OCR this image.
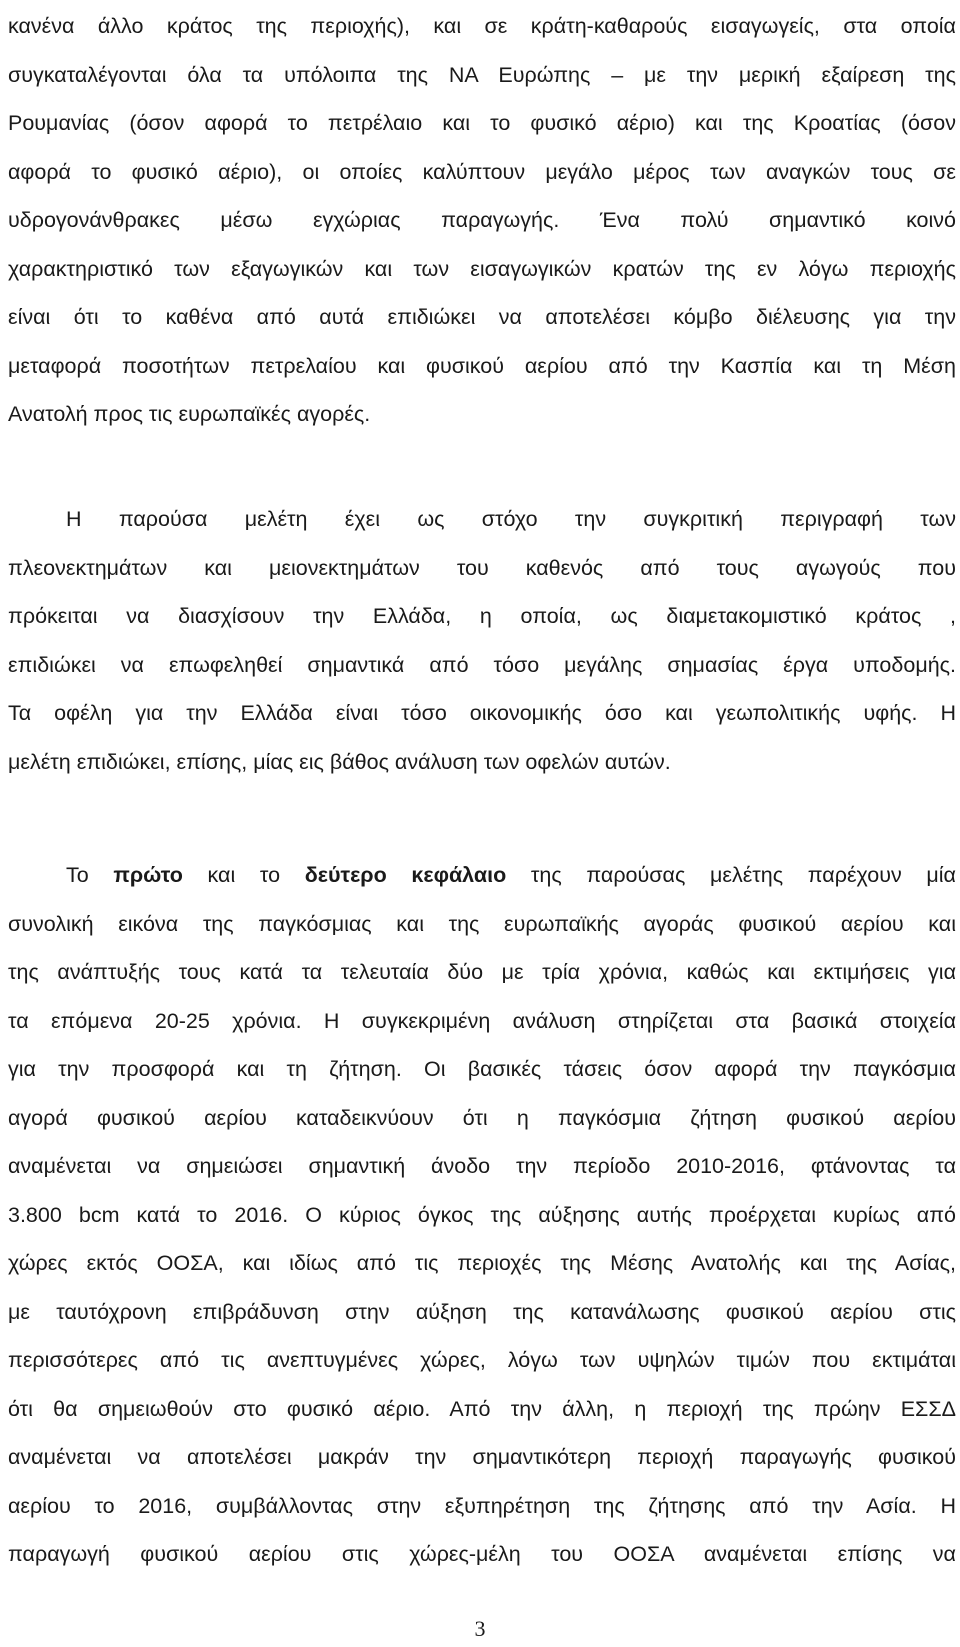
κανένα άλλο κράτος της περιοχής), και σε κράτη-καθαρούς εισαγωγείς, στα οποία
συγκαταλέγονται όλα τα υπόλοιπα της ΝΑ Ευρώπης – με την μερική εξαίρεση της
Ρουμανίας (όσον αφορά το πετρέλαιο και το φυσικό αέριο) και της Κροατίας (όσον
αφορά το φυσικό αέριο), οι οποίες καλύπτουν μεγάλο μέρος των αναγκών τους σε
υδρογονάνθρακες μέσω εγχώριας παραγωγής. Ένα πολύ σημαντικό κοινό
χαρακτηριστικό των εξαγωγικών και των εισαγωγικών κρατών της εν λόγω περιοχής
είναι ότι το καθένα από αυτά επιδιώκει να αποτελέσει κόμβο διέλευσης για την
μεταφορά ποσοτήτων πετρελαίου και φυσικού αερίου από την Κασπία και τη Μέση
Ανατολή προς τις ευρωπαϊκές αγορές.
Η παρούσα μελέτη έχει ως στόχο την συγκριτική περιγραφή των
πλεονεκτημάτων και μειονεκτημάτων του καθενός από τους αγωγούς που
πρόκειται να διασχίσουν την Ελλάδα, η οποία, ως διαμετακομιστικό κράτος ,
επιδιώκει να επωφεληθεί σημαντικά από τόσο μεγάλης σημασίας έργα υποδομής.
Τα οφέλη για την Ελλάδα είναι τόσο οικονομικής όσο και γεωπολιτικής υφής. Η
μελέτη επιδιώκει, επίσης, μίας εις βάθος ανάλυση των οφελών αυτών.
Το πρώτο και το δεύτερο κεφάλαιο της παρούσας μελέτης παρέχουν μία
συνολική εικόνα της παγκόσμιας και της ευρωπαϊκής αγοράς φυσικού αερίου και
της ανάπτυξής τους κατά τα τελευταία δύο με τρία χρόνια, καθώς και εκτιμήσεις για
τα επόμενα 20-25 χρόνια. Η συγκεκριμένη ανάλυση στηρίζεται στα βασικά στοιχεία
για την προσφορά και τη ζήτηση. Οι βασικές τάσεις όσον αφορά την παγκόσμια
αγορά φυσικού αερίου καταδεικνύουν ότι η παγκόσμια ζήτηση φυσικού αερίου
αναμένεται να σημειώσει σημαντική άνοδο την περίοδο 2010-2016, φτάνοντας τα
3.800 bcm κατά το 2016. Ο κύριος όγκος της αύξησης αυτής προέρχεται κυρίως από
χώρες εκτός ΟΟΣΑ, και ιδίως από τις περιοχές της Μέσης Ανατολής και της Ασίας,
με ταυτόχρονη επιβράδυνση στην αύξηση της κατανάλωσης φυσικού αερίου στις
περισσότερες από τις ανεπτυγμένες χώρες, λόγω των υψηλών τιμών που εκτιμάται
ότι θα σημειωθούν στο φυσικό αέριο. Από την άλλη, η περιοχή της πρώην ΕΣΣΔ
αναμένεται να αποτελέσει μακράν την σημαντικότερη περιοχή παραγωγής φυσικού
αερίου το 2016, συμβάλλοντας στην εξυπηρέτηση της ζήτησης από την Ασία. Η
παραγωγή φυσικού αερίου στις χώρες-μέλη του ΟΟΣΑ αναμένεται επίσης να
3
